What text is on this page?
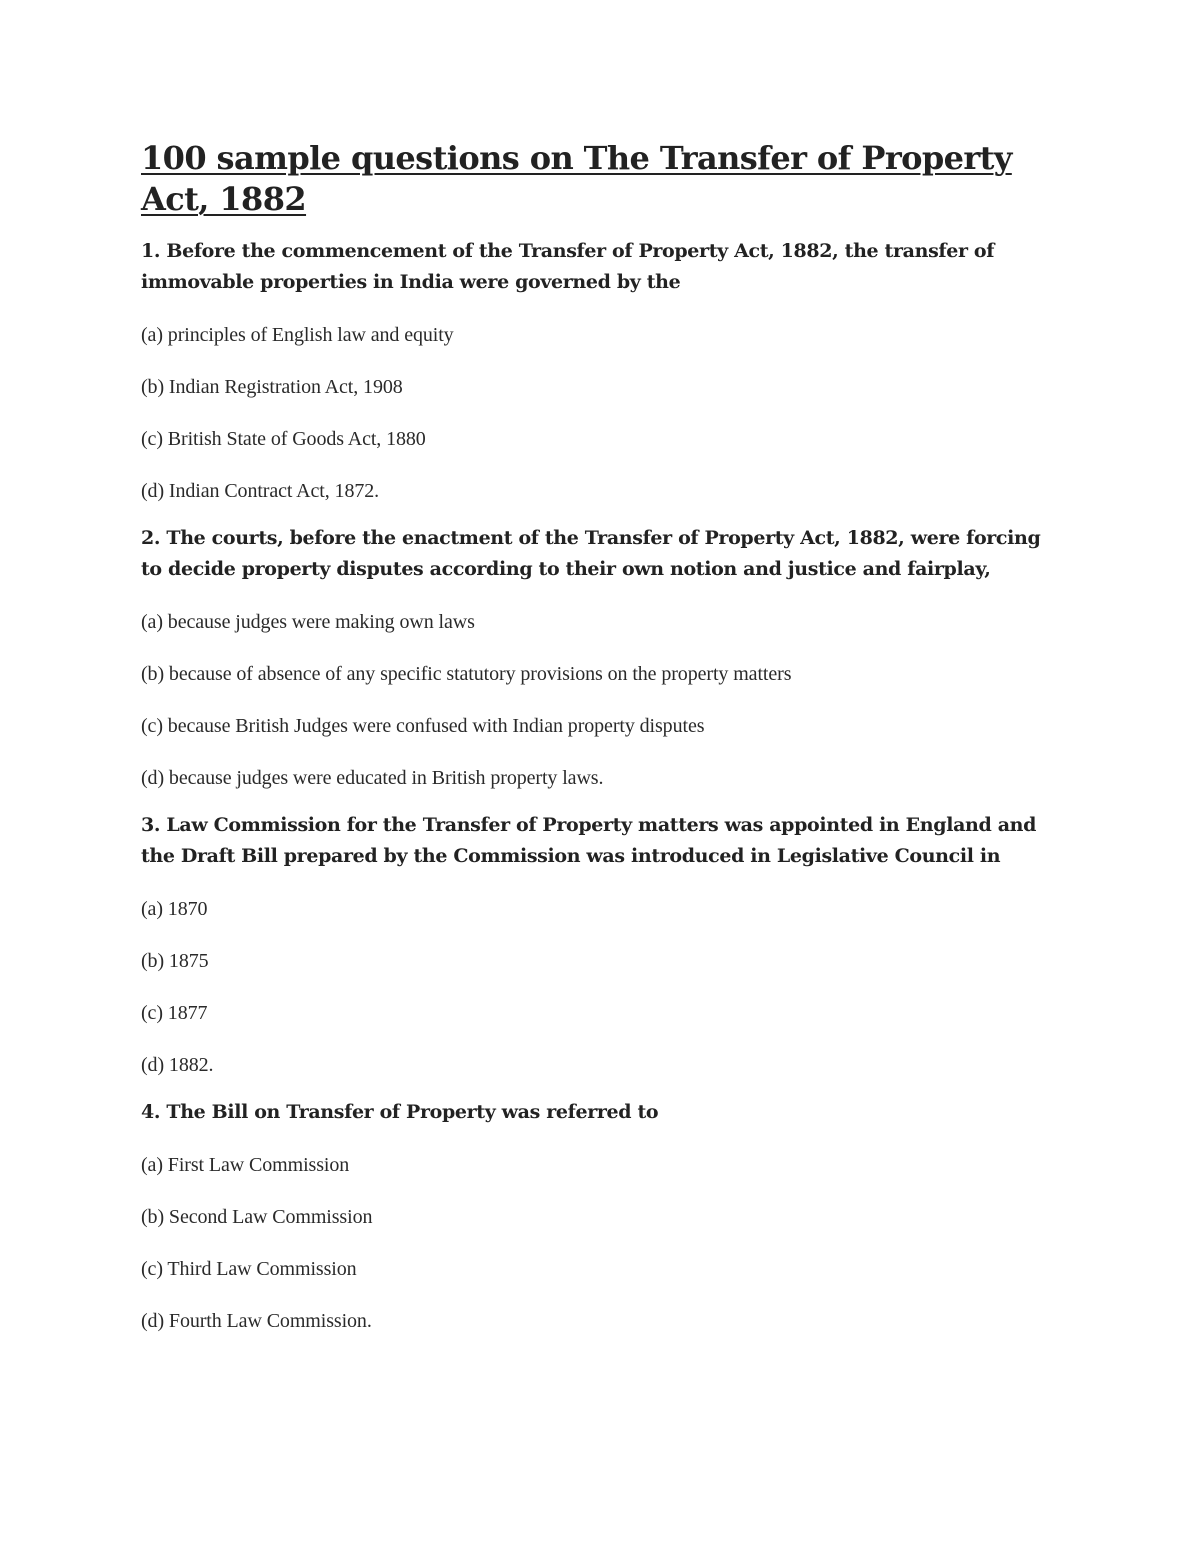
100 sample questions on The Transfer of Property Act, 1882

1. Before the commencement of the Transfer of Property Act, 1882, the transfer of immovable properties in India were governed by the

(a) principles of English law and equity

(b) Indian Registration Act, 1908

(c) British State of Goods Act, 1880

(d) Indian Contract Act, 1872.

2. The courts, before the enactment of the Transfer of Property Act, 1882, were forcing to decide property disputes according to their own notion and justice and fairplay,

(a) because judges were making own laws

(b) because of absence of any specific statutory provisions on the property matters

(c) because British Judges were confused with Indian property disputes

(d) because judges were educated in British property laws.

3. Law Commission for the Transfer of Property matters was appointed in England and the Draft Bill prepared by the Commission was introduced in Legislative Council in

(a) 1870

(b) 1875

(c) 1877

(d) 1882.

4. The Bill on Transfer of Property was referred to

(a) First Law Commission

(b) Second Law Commission

(c) Third Law Commission

(d) Fourth Law Commission.
